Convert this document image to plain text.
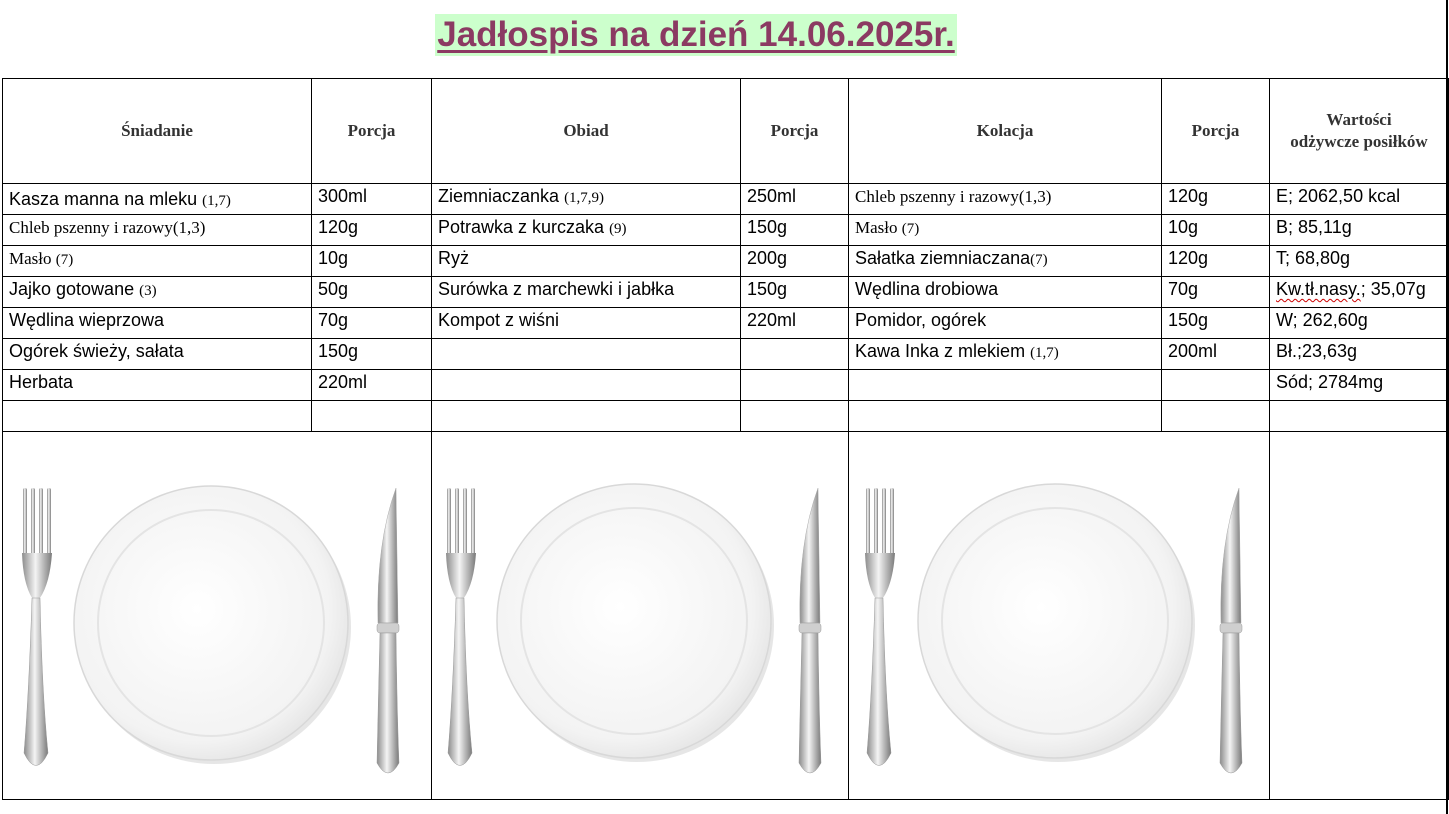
Jadłospis na dzień 14.06.2025r.
Śniadanie	Porcja	Obiad	Porcja	Kolacja	Porcja	Wartości
odżywcze posiłków

Kasza manna na mleku (1,7)	300ml	Ziemniaczanka (1,7,9)	250ml	Chleb pszenny i razowy(1,3)	120g	E; 2062,50 kcal
Chleb pszenny i razowy(1,3)	120g	Potrawka z kurczaka (9)	150g	Masło (7)	10g	B; 85,11g
Masło (7)	10g	Ryż	200g	Sałatka ziemniaczana(7)	120g	T; 68,80g
Jajko gotowane (3)	50g	Surówka z marchewki i jabłka	150g	Wędlina drobiowa	70g	Kw.tł.nasy.; 35,07g
Wędlina wieprzowa	70g	Kompot z wiśni	220ml	Pomidor, ogórek	150g	W; 262,60g
Ogórek świeży, sałata	150g			Kawa Inka z mlekiem (1,7)	200ml	Bł.;23,63g
Herbata	220ml					Sód; 2784mg
